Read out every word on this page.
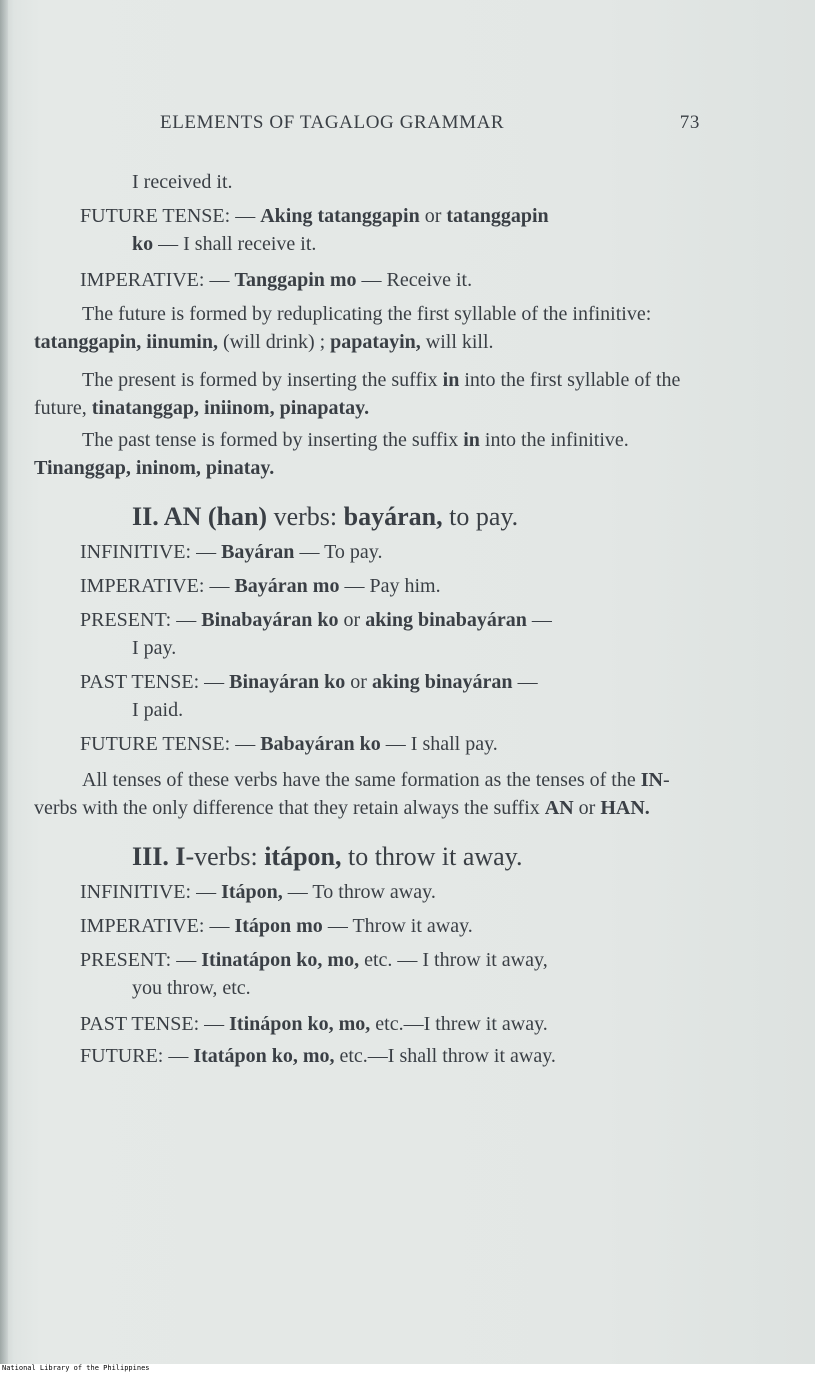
ELEMENTS OF TAGALOG GRAMMAR	73

I received it.

FUTURE TENSE: — Aking tatanggapin or tatanggapin
ko — I shall receive it.

IMPERATIVE: — Tanggapin mo — Receive it.

The future is formed by reduplicating the first syllable of the infinitive: tatanggapin, iinumin, (will drink) ; papatayin, will kill.

The present is formed by inserting the suffix in into the first syllable of the future, tinatanggap, iniinom, pinapatay.

The past tense is formed by inserting the suffix in into the infinitive. Tinanggap, ininom, pinatay.

II. AN (han) verbs: bayáran, to pay.

INFINITIVE: — Bayáran — To pay.

IMPERATIVE: — Bayáran mo — Pay him.

PRESENT: — Binabayáran ko or aking binabayáran —
I pay.

PAST TENSE: — Binayáran ko or aking binayáran —
I paid.

FUTURE TENSE: — Babayáran ko — I shall pay.

All tenses of these verbs have the same formation as the tenses of the IN-verbs with the only difference that they retain always the suffix AN or HAN.

III. I-verbs: itápon, to throw it away.

INFINITIVE: — Itápon, — To throw away.

IMPERATIVE: — Itápon mo — Throw it away.

PRESENT: — Itinatápon ko, mo, etc. — I throw it away,
you throw, etc.

PAST TENSE: — Itinápon ko, mo, etc.—I threw it away.

FUTURE: — Itatápon ko, mo, etc.—I shall throw it away.

National Library of the Philippines
